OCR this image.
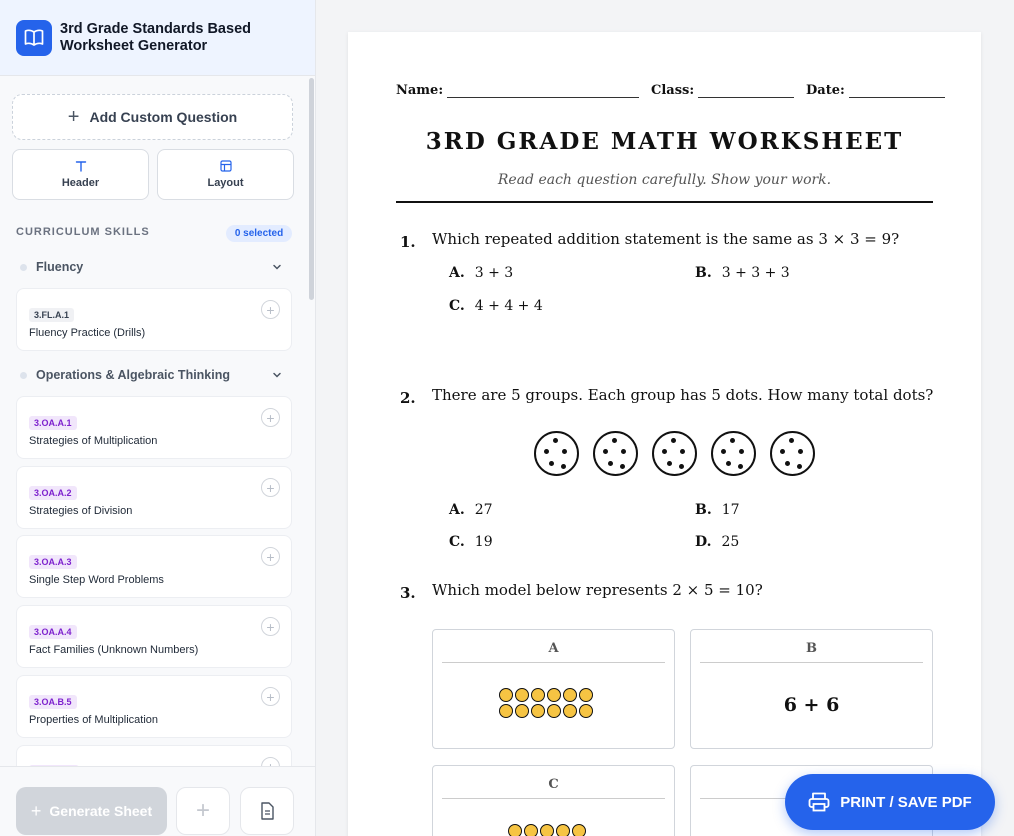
3rd Grade Standards Based Worksheet Generator
+ Add Custom Question
Header	Layout
CURRICULUM SKILLS	0 selected
Fluency
3.FL.A.1
Fluency Practice (Drills)
+
Operations & Algebraic Thinking
3.OA.A.1
Strategies of Multiplication
+
3.OA.A.2
Strategies of Division
+
3.OA.A.3
Single Step Word Problems
+
3.OA.A.4
Fact Families (Unknown Numbers)
+
3.OA.B.5
Properties of Multiplication
+
+ Generate Sheet +
Name:	Class:	Date:
3RD GRADE MATH WORKSHEET
Read each question carefully. Show your work.
1. Which repeated addition statement is the same as 3 × 3 = 9?
A. 3 + 3	B. 3 + 3 + 3
C. 4 + 4 + 4
2. There are 5 groups. Each group has 5 dots. How many total dots?
A. 27	B. 17
C. 19	D. 25
3. Which model below represents 2 × 5 = 10?
A	B
6 + 6
C
PRINT / SAVE PDF
